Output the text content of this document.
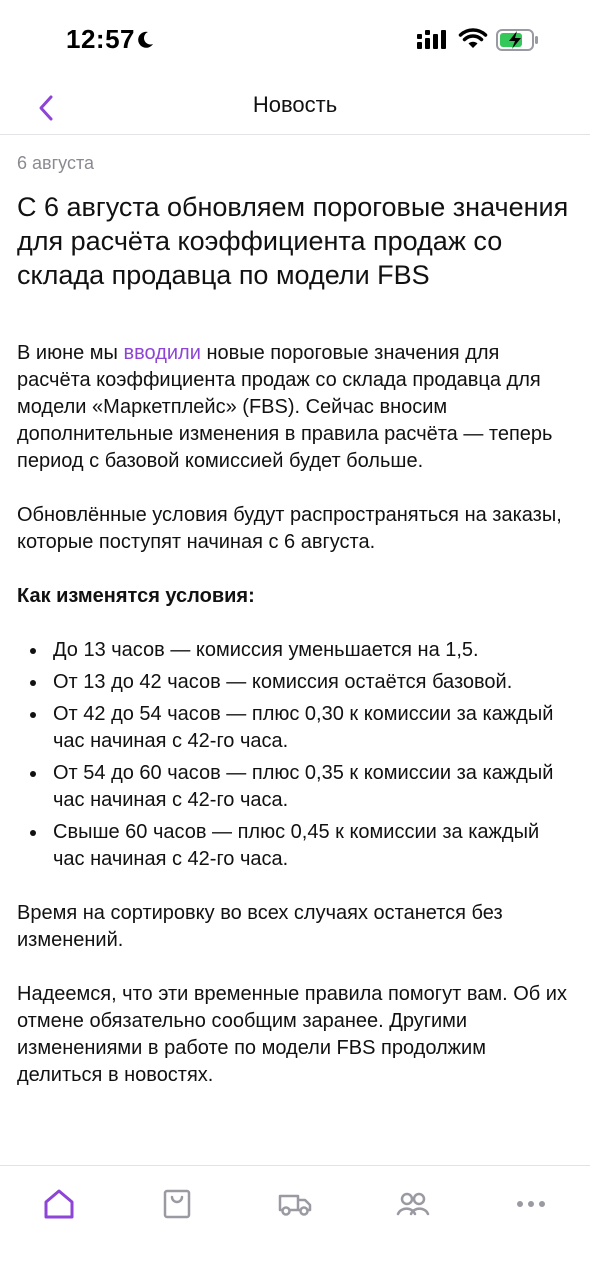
12:57
Новость

6 августа

С 6 августа обновляем пороговые значения для расчёта коэффициента продаж со склада продавца по модели FBS

В июне мы вводили новые пороговые значения для расчёта коэффициента продаж со склада продавца для модели «Маркетплейс» (FBS). Сейчас вносим дополнительные изменения в правила расчёта — теперь период с базовой комиссией будет больше.

Обновлённые условия будут распространяться на заказы, которые поступят начиная с 6 августа.

Как изменятся условия:

До 13 часов — комиссия уменьшается на 1,5.
От 13 до 42 часов — комиссия остаётся базовой.
От 42 до 54 часов — плюс 0,30 к комиссии за каждый час начиная с 42-го часа.
От 54 до 60 часов — плюс 0,35 к комиссии за каждый час начиная с 42-го часа.
Свыше 60 часов — плюс 0,45 к комиссии за каждый час начиная с 42-го часа.

Время на сортировку во всех случаях останется без изменений.

Надеемся, что эти временные правила помогут вам. Об их отмене обязательно сообщим заранее. Другими изменениями в работе по модели FBS продолжим делиться в новостях.
